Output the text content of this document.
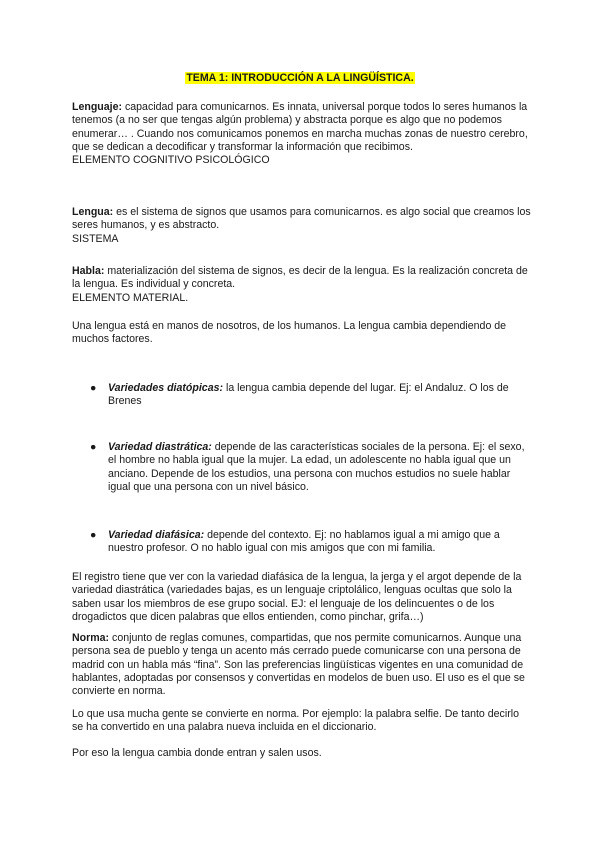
TEMA 1: INTRODUCCIÓN A LA LINGÜÍSTICA.
Lenguaje: capacidad para comunicarnos. Es innata, universal porque todos lo seres humanos la tenemos (a no ser que tengas algún problema) y abstracta porque es algo que no podemos enumerar… . Cuando nos comunicamos ponemos en marcha muchas zonas de nuestro cerebro, que se dedican a decodificar y transformar la información que recibimos.
ELEMENTO COGNITIVO PSICOLÓGICO
Lengua: es el sistema de signos que usamos para comunicarnos. es algo social que creamos los seres humanos, y es abstracto.
SISTEMA
Habla: materialización del sistema de signos, es decir de la lengua. Es la realización concreta de la lengua. Es individual y concreta.
ELEMENTO MATERIAL.
Una lengua está en manos de nosotros, de los humanos. La lengua cambia dependiendo de muchos factores.
● Variedades diatópicas: la lengua cambia depende del lugar. Ej: el Andaluz. O los de Brenes
● Variedad diastrática: depende de las características sociales de la persona. Ej: el sexo, el hombre no habla igual que la mujer. La edad, un adolescente no habla igual que un anciano. Depende de los estudios, una persona con muchos estudios no suele hablar igual que una persona con un nivel básico.
● Variedad diafásica: depende del contexto. Ej: no hablamos igual a mi amigo que a nuestro profesor. O no hablo igual con mis amigos que con mi familia.
El registro tiene que ver con la variedad diafásica de la lengua, la jerga y el argot depende de la variedad diastrática (variedades bajas, es un lenguaje criptolálico, lenguas ocultas que solo la saben usar los miembros de ese grupo social. EJ: el lenguaje de los delincuentes o de los drogadictos que dicen palabras que ellos entienden, como pinchar, grifa…)
Norma: conjunto de reglas comunes, compartidas, que nos permite comunicarnos. Aunque una persona sea de pueblo y tenga un acento más cerrado puede comunicarse con una persona de madrid con un habla más “fina”. Son las preferencias lingüísticas vigentes en una comunidad de hablantes, adoptadas por consensos y convertidas en modelos de buen uso. El uso es el que se convierte en norma.
Lo que usa mucha gente se convierte en norma. Por ejemplo: la palabra selfie. De tanto decirlo se ha convertido en una palabra nueva incluida en el diccionario.
Por eso la lengua cambia donde entran y salen usos.
